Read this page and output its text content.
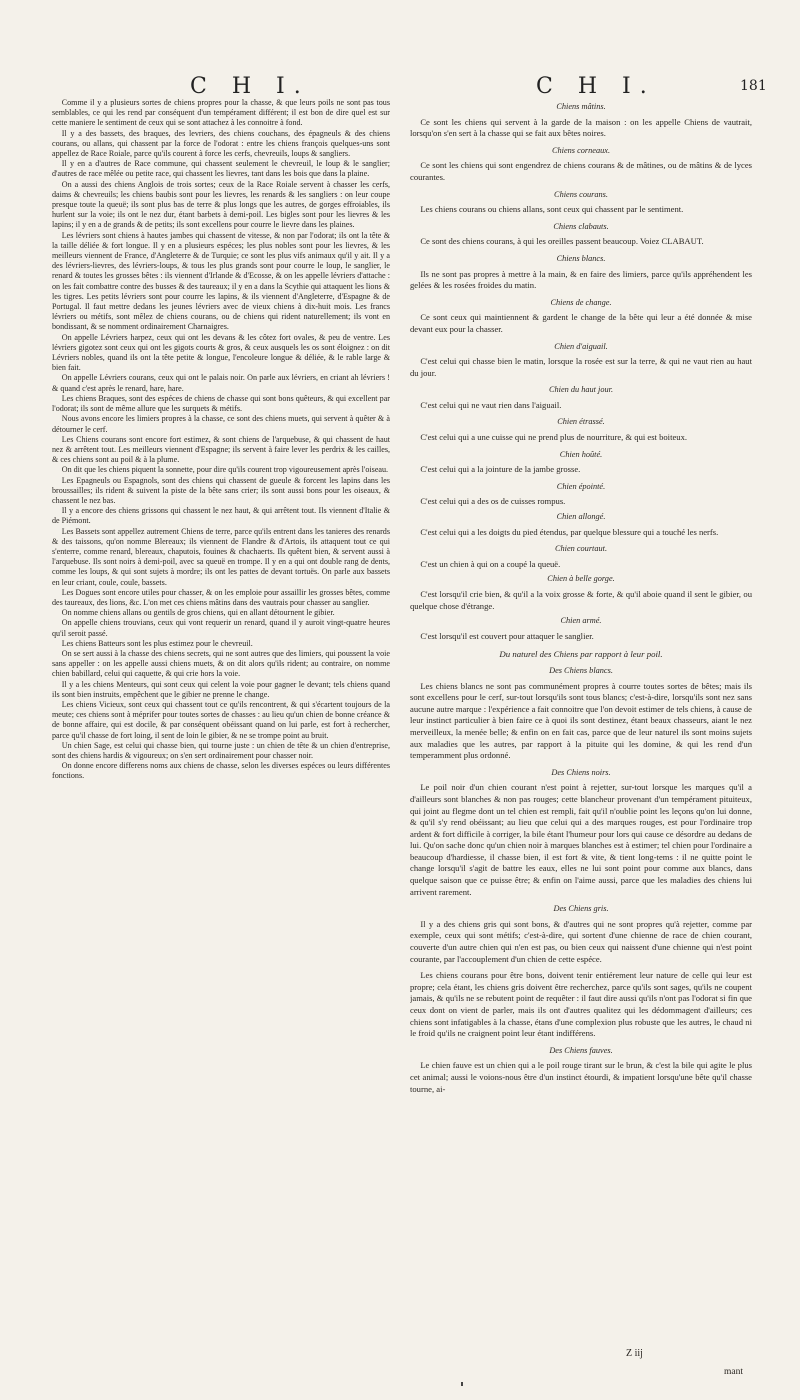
C H I.	C H I.	181

Comme il y a plusieurs sortes de chiens propres pour la chasse, & que leurs poils ne sont pas tous semblables, ce qui les rend par conséquent d'un tempérament différent; il est bon de dire quel est sur cette maniere le sentiment de ceux qui se sont attachez à les connoitre à fond.

Il y a des bassets, des braques, des levriers, des chiens couchans, des épagneuls & des chiens courans, ou allans, qui chassent par la force de l'odorat : entre les chiens françois quelques-uns sont appellez de Race Roiale, parce qu'ils courent à force les cerfs, chevreuils, loups & sangliers.

Il y en a d'autres de Race commune, qui chassent seulement le chevreuil, le loup & le sanglier; d'autres de race mêlée ou petite race, qui chassent les lievres, tant dans les bois que dans la plaine.

On a aussi des chiens Anglois de trois sortes; ceux de la Race Roiale servent à chasser les cerfs, daims & chevreuils; les chiens baubis sont pour les lievres, les renards & les sangliers : on leur coupe presque toute la queuë; ils sont plus bas de terre & plus longs que les autres, de gorges effroiables, ils hurlent sur la voie; ils ont le nez dur, étant barbets à demi-poil. Les bigles sont pour les lievres & les lapins; il y en a de grands & de petits; ils sont excellens pour courre le lievre dans les plaines.

Les lévriers sont chiens à hautes jambes qui chassent de vitesse, & non par l'odorat; ils ont la tête & la taille déliée & fort longue. Il y en a plusieurs espéces; les plus nobles sont pour les lievres, & les meilleurs viennent de France, d'Angleterre & de Turquie; ce sont les plus vifs animaux qu'il y ait. Il y a des lévriers-lievres, des lévriers-loups, & tous les plus grands sont pour courre le loup, le sanglier, le renard & toutes les grosses bêtes : ils viennent d'Irlande & d'Ecosse, & on les appelle lévriers d'attache : on les fait combattre contre des busses & des taureaux; il y en a dans la Scythie qui attaquent les lions & les tigres. Les petits lévriers sont pour courre les lapins, & ils viennent d'Angleterre, d'Espagne & de Portugal. Il faut mettre dedans les jeunes lévriers avec de vieux chiens à dix-huit mois. Les francs lévriers ou métifs, sont mêlez de chiens courans, ou de chiens qui rident naturellement; ils vont en bondissant, & se nomment ordinairement Charnaigres.

On appelle Lévriers harpez, ceux qui ont les devans & les côtez fort ovales, & peu de ventre. Les lévriers gigotez sont ceux qui ont les gigots courts & gros, & ceux ausquels les os sont éloignez : on dit Lévriers nobles, quand ils ont la tête petite & longue, l'encoleure longue & déliée, & le rable large & bien fait.

On appelle Lévriers courans, ceux qui ont le palais noir. On parle aux lévriers, en criant ah lévriers ! & quand c'est après le renard, hare, hare.

Les chiens Braques, sont des espéces de chiens de chasse qui sont bons quêteurs, & qui excellent par l'odorat; ils sont de même allure que les surquets & métifs.

Nous avons encore les limiers propres à la chasse, ce sont des chiens muets, qui servent à quêter & à détourner le cerf.

Les Chiens courans sont encore fort estimez, & sont chiens de l'arquebuse, & qui chassent de haut nez & arrêtent tout. Les meilleurs viennent d'Espagne; ils servent à faire lever les perdrix & les cailles, & ces chiens sont au poil & à la plume.

On dit que les chiens piquent la sonnette, pour dire qu'ils courent trop vigoureusement après l'oiseau.

Les Epagneuls ou Espagnols, sont des chiens qui chassent de gueule & forcent les lapins dans les broussailles; ils rident & suivent la piste de la bête sans crier; ils sont aussi bons pour les oiseaux, & chassent le nez bas.

Il y a encore des chiens grissons qui chassent le nez haut, & qui arrêtent tout. Ils viennent d'Italie & de Piémont.

Les Bassets sont appellez autrement Chiens de terre, parce qu'ils entrent dans les tanieres des renards & des taissons, qu'on nomme Blereaux; ils viennent de Flandre & d'Artois, ils attaquent tout ce qui s'enterre, comme renard, blereaux, chaputois, fouines & chachaerts. Ils quêtent bien, & servent aussi à l'arquebuse. Ils sont noirs à demi-poil, avec sa queuë en trompe. Il y en a qui ont double rang de dents, comme les loups, & qui sont sujets à mordre; ils ont les pattes de devant tortuës. On parle aux bassets en leur criant, coule, coule, bassets.

Les Dogues sont encore utiles pour chasser, & on les emploie pour assaillir les grosses bêtes, comme des taureaux, des lions, &c. L'on met ces chiens mâtins dans des vautrais pour chasser au sanglier.

On nomme chiens allans ou gentils de gros chiens, qui en allant détournent le gibier.

On appelle chiens trouvians, ceux qui vont requerir un renard, quand il y auroit vingt-quatre heures qu'il seroit passé.

Les chiens Batteurs sont les plus estimez pour le chevreuil.

On se sert aussi à la chasse des chiens secrets, qui ne sont autres que des limiers, qui poussent la voie sans appeller : on les appelle aussi chiens muets, & on dit alors qu'ils rident; au contraire, on nomme chien babillard, celui qui caquette, & qui crie hors la voie.

Il y a les chiens Menteurs, qui sont ceux qui celent la voie pour gagner le devant; tels chiens quand ils sont bien instruits, empêchent que le gibier ne prenne le change.

Les chiens Vicieux, sont ceux qui chassent tout ce qu'ils rencontrent, & qui s'écartent toujours de la meute; ces chiens sont à méprifer pour toutes sortes de chasses : au lieu qu'un chien de bonne créance & de bonne affaire, qui est docile, & par conséquent obéissant quand on lui parle, est fort à rechercher, parce qu'il chasse de fort loing, il sent de loin le gibier, & ne se trompe point au bruit.

Un chien Sage, est celui qui chasse bien, qui tourne juste : un chien de tête & un chien d'entreprise, sont des chiens hardis & vigoureux; on s'en sert ordinairement pour chasser noir.

On donne encore differens noms aux chiens de chasse, selon les diverses espéces ou leurs différentes fonctions.

Chiens mâtins.

Ce sont les chiens qui servent à la garde de la maison : on les appelle Chiens de vautrait, lorsqu'on s'en sert à la chasse qui se fait aux bêtes noires.

Chiens corneaux.

Ce sont les chiens qui sont engendrez de chiens courans & de mâtines, ou de mâtins & de lyces courantes.

Chiens courans.

Les chiens courans ou chiens allans, sont ceux qui chassent par le sentiment.

Chiens clabauts.

Ce sont des chiens courans, à qui les oreilles passent beaucoup. Voiez CLABAUT.

Chiens blancs.

Ils ne sont pas propres à mettre à la main, & en faire des limiers, parce qu'ils appréhendent les gelées & les rosées froides du matin.

Chiens de change.

Ce sont ceux qui maintiennent & gardent le change de la bête qui leur a été donnée & mise devant eux pour la chasser.

Chien d'aiguail.

C'est celui qui chasse bien le matin, lorsque la rosée est sur la terre, & qui ne vaut rien au haut du jour.

Chien du haut jour.

C'est celui qui ne vaut rien dans l'aiguail.

Chien étrassé.

C'est celui qui a une cuisse qui ne prend plus de nourriture, & qui est boiteux.

Chien hoûté.

C'est celui qui a la jointure de la jambe grosse.

Chien épointé.

C'est celui qui a des os de cuisses rompus.

Chien allongé.

C'est celui qui a les doigts du pied étendus, par quelque blessure qui a touché les nerfs.

Chien courtaut.

C'est un chien à qui on a coupé la queuë.

Chien à belle gorge.

C'est lorsqu'il crie bien, & qu'il a la voix grosse & forte, & qu'il aboie quand il sent le gibier, ou quelque chose d'étrange.

Chien armé.

C'est lorsqu'il est couvert pour attaquer le sanglier.

Du naturel des Chiens par rapport à leur poil.

Des Chiens blancs.

Les chiens blancs ne sont pas communément propres à courre toutes sortes de bêtes; mais ils sont excellens pour le cerf, sur-tout lorsqu'ils sont tous blancs; c'est-à-dire, lorsqu'ils sont nez sans aucune autre marque : l'expérience a fait connoitre que l'on devoit estimer de tels chiens, à cause de leur instinct particulier à bien faire ce à quoi ils sont destinez, étant beaux chasseurs, aiant le nez merveilleux, la menée belle; & enfin on en fait cas, parce que de leur naturel ils sont moins sujets aux maladies que les autres, par rapport à la pituite qui les domine, & qui les rend d'un temperamment plus ordonné.

Des Chiens noirs.

Le poil noir d'un chien courant n'est point à rejetter, sur-tout lorsque les marques qu'il a d'ailleurs sont blanches & non pas rouges; cette blancheur provenant d'un tempérament pituiteux, qui joint au flegme dont un tel chien est rempli, fait qu'il n'oublie point les leçons qu'on lui donne, & qu'il s'y rend obéissant; au lieu que celui qui a des marques rouges, est pour l'ordinaire trop ardent & fort difficile à corriger, la bile étant l'humeur pour lors qui cause ce désordre au dedans de lui. Qu'on sache donc qu'un chien noir à marques blanches est à estimer; tel chien pour l'ordinaire a beaucoup d'hardiesse, il chasse bien, il est fort & vite, & tient long-tems : il ne quitte point le change lorsqu'il s'agit de battre les eaux, elles ne lui sont point pour comme aux blancs, dans quelque saison que ce puisse être; & enfin on l'aime aussi, parce que les maladies des chiens lui arrivent rarement.

Des Chiens gris.

Il y a des chiens gris qui sont bons, & d'autres qui ne sont propres qu'à rejetter, comme par exemple, ceux qui sont métifs; c'est-à-dire, qui sortent d'une chienne de race de chien courant, couverte d'un autre chien qui n'en est pas, ou bien ceux qui naissent d'une chienne qui n'est point courante, par l'accouplement d'un chien de cette espéce.

Les chiens courans pour être bons, doivent tenir entiérement leur nature de celle qui leur est propre; cela étant, les chiens gris doivent être recherchez, parce qu'ils sont sages, qu'ils ne coupent jamais, & qu'ils ne se rebutent point de requêter : il faut dire aussi qu'ils n'ont pas l'odorat si fin que ceux dont on vient de parler, mais ils ont d'autres qualitez qui les dédommagent d'ailleurs; ces chiens sont infatigables à la chasse, étans d'une complexion plus robuste que les autres, le chaud ni le froid qu'ils ne craignent point leur étant indifférens.

Des Chiens fauves.

Le chien fauve est un chien qui a le poil rouge tirant sur le brun, & c'est la bile qui agite le plus cet animal; aussi le voions-nous être d'un instinct étourdi, & impatient lorsqu'une bête qu'il chasse tourne, ai-

Z iij
mant
